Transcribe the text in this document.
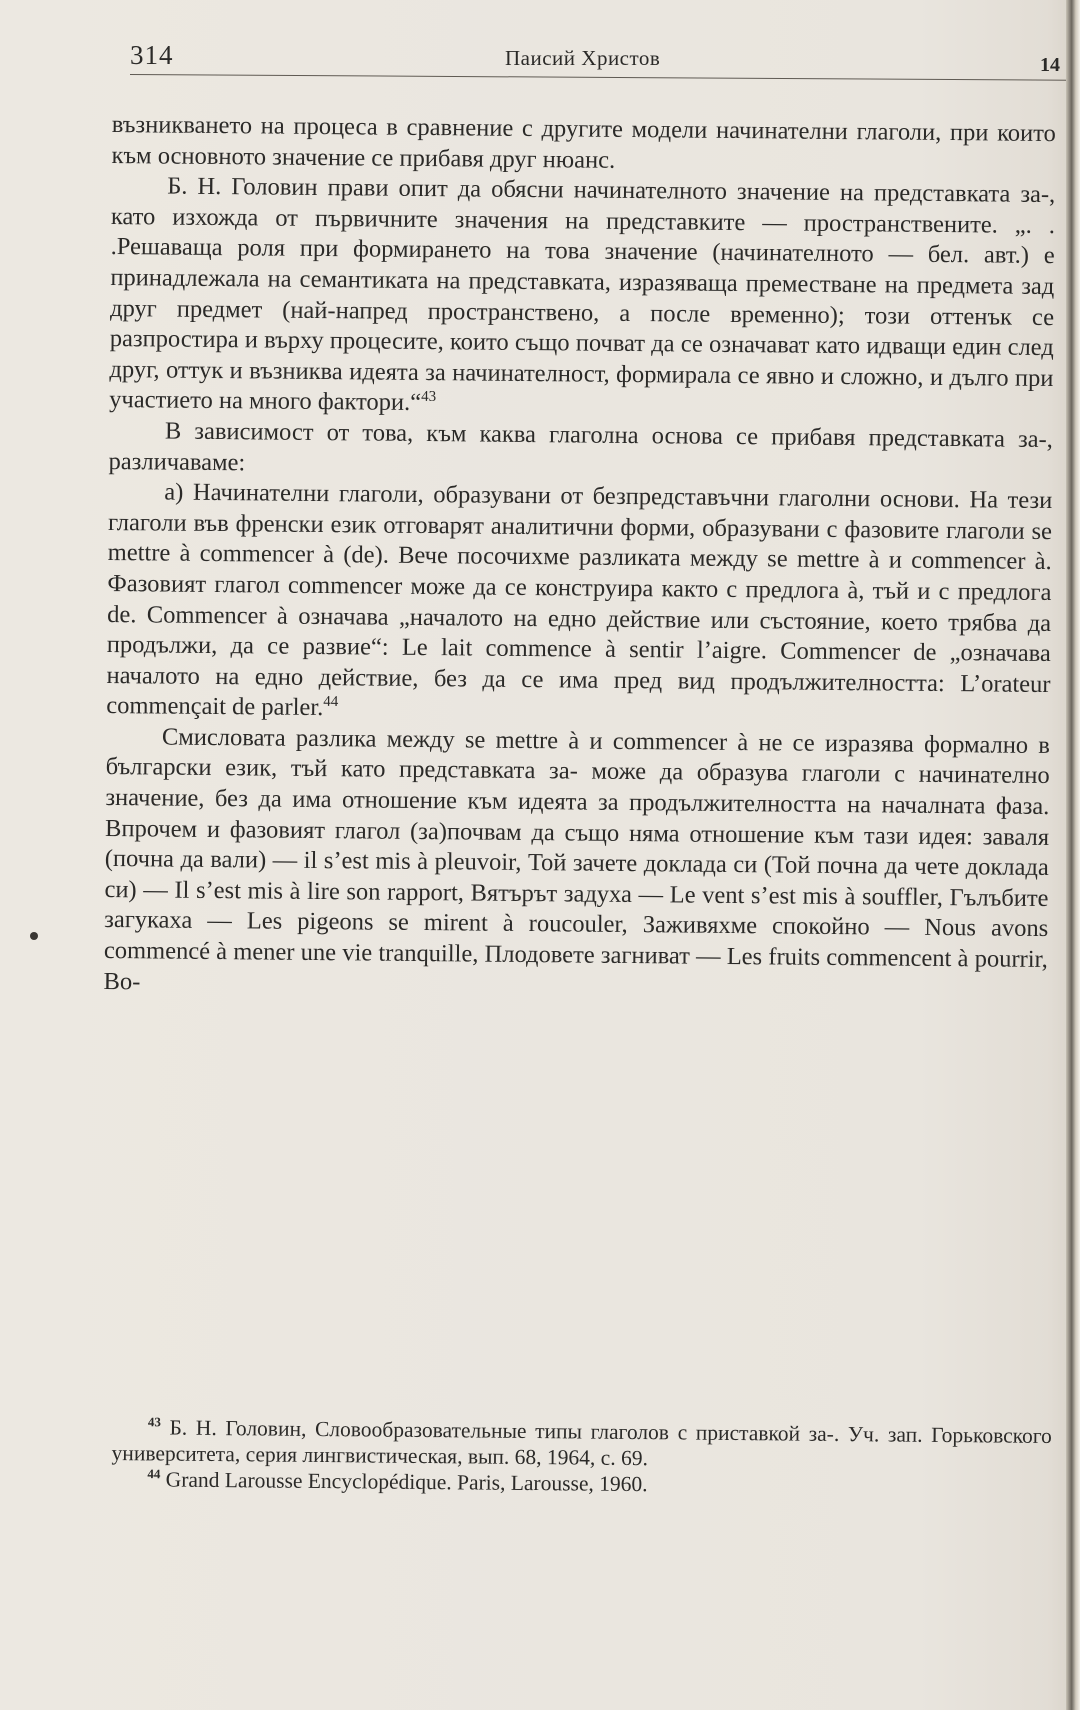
314	Паисий Христов	14

възникването на процеса в сравнение с другите модели начинателни глаголи, при които към основното значение се прибавя друг нюанс.

Б. Н. Головин прави опит да обясни начинателното значение на представката за-, като изхожда от първичните значения на представките — пространствените. „. . .Решаваща роля при формирането на това значение (начинателното — бел. авт.) е принадлежала на семантиката на представката, изразяваща преместване на предмета зад друг предмет (най-напред пространствено, а после временно); този оттенък се разпростира и върху процесите, които също почват да се означават като идващи един след друг, оттук и възниква идеята за начинателност, формирала се явно и сложно, и дълго при участието на много фактори.“$^{43}$

В зависимост от това, към каква глаголна основа се прибавя представката за-, различаваме:

а) Начинателни глаголи, образувани от безпредставъчни глаголни основи. На тези глаголи във френски език отговарят аналитични форми, образувани с фазовите глаголи se mettre à commencer à (de). Вече посочихме разликата между se mettre à и commencer à. Фазовият глагол commencer може да се конструира както с предлога à, тъй и с предлога de. Commencer à означава „началото на едно действие или състояние, което трябва да продължи, да се развие“: Le lait commence à sentir l’aigre. Commencer de „означава началото на едно действие, без да се има пред вид продължителността: L’orateur commençait de parler.$^{44}$

Смисловата разлика между se mettre à и commencer à не се изразява формално в български език, тъй като представката за- може да образува глаголи с начинателно значение, без да има отношение към идеята за продължителността на началната фаза. Впрочем и фазовият глагол (за)почвам да също няма отношение към тази идея: заваля (почна да вали) — il s’est mis à pleuvoir, Той зачете доклада си (Той почна да чете доклада си) — Il s’est mis à lire son rapport, Вятърът задуха — Le vent s’est mis à souffler, Гълъбите загукаха — Les pigeons se mirent à roucouler, Заживяхме спокойно — Nous avons commencé à mener une vie tranquille, Плодовете загниват — Les fruits commencent à pourrir, Во-

$^{43}$ Б. Н. Головин, Словообразовательные типы глаголов с приставкой за-. Уч. зап. Горьковского университета, серия лингвистическая, вып. 68, 1964, с. 69.

$^{44}$ Grand Larousse Encyclopédique. Paris, Larousse, 1960.
